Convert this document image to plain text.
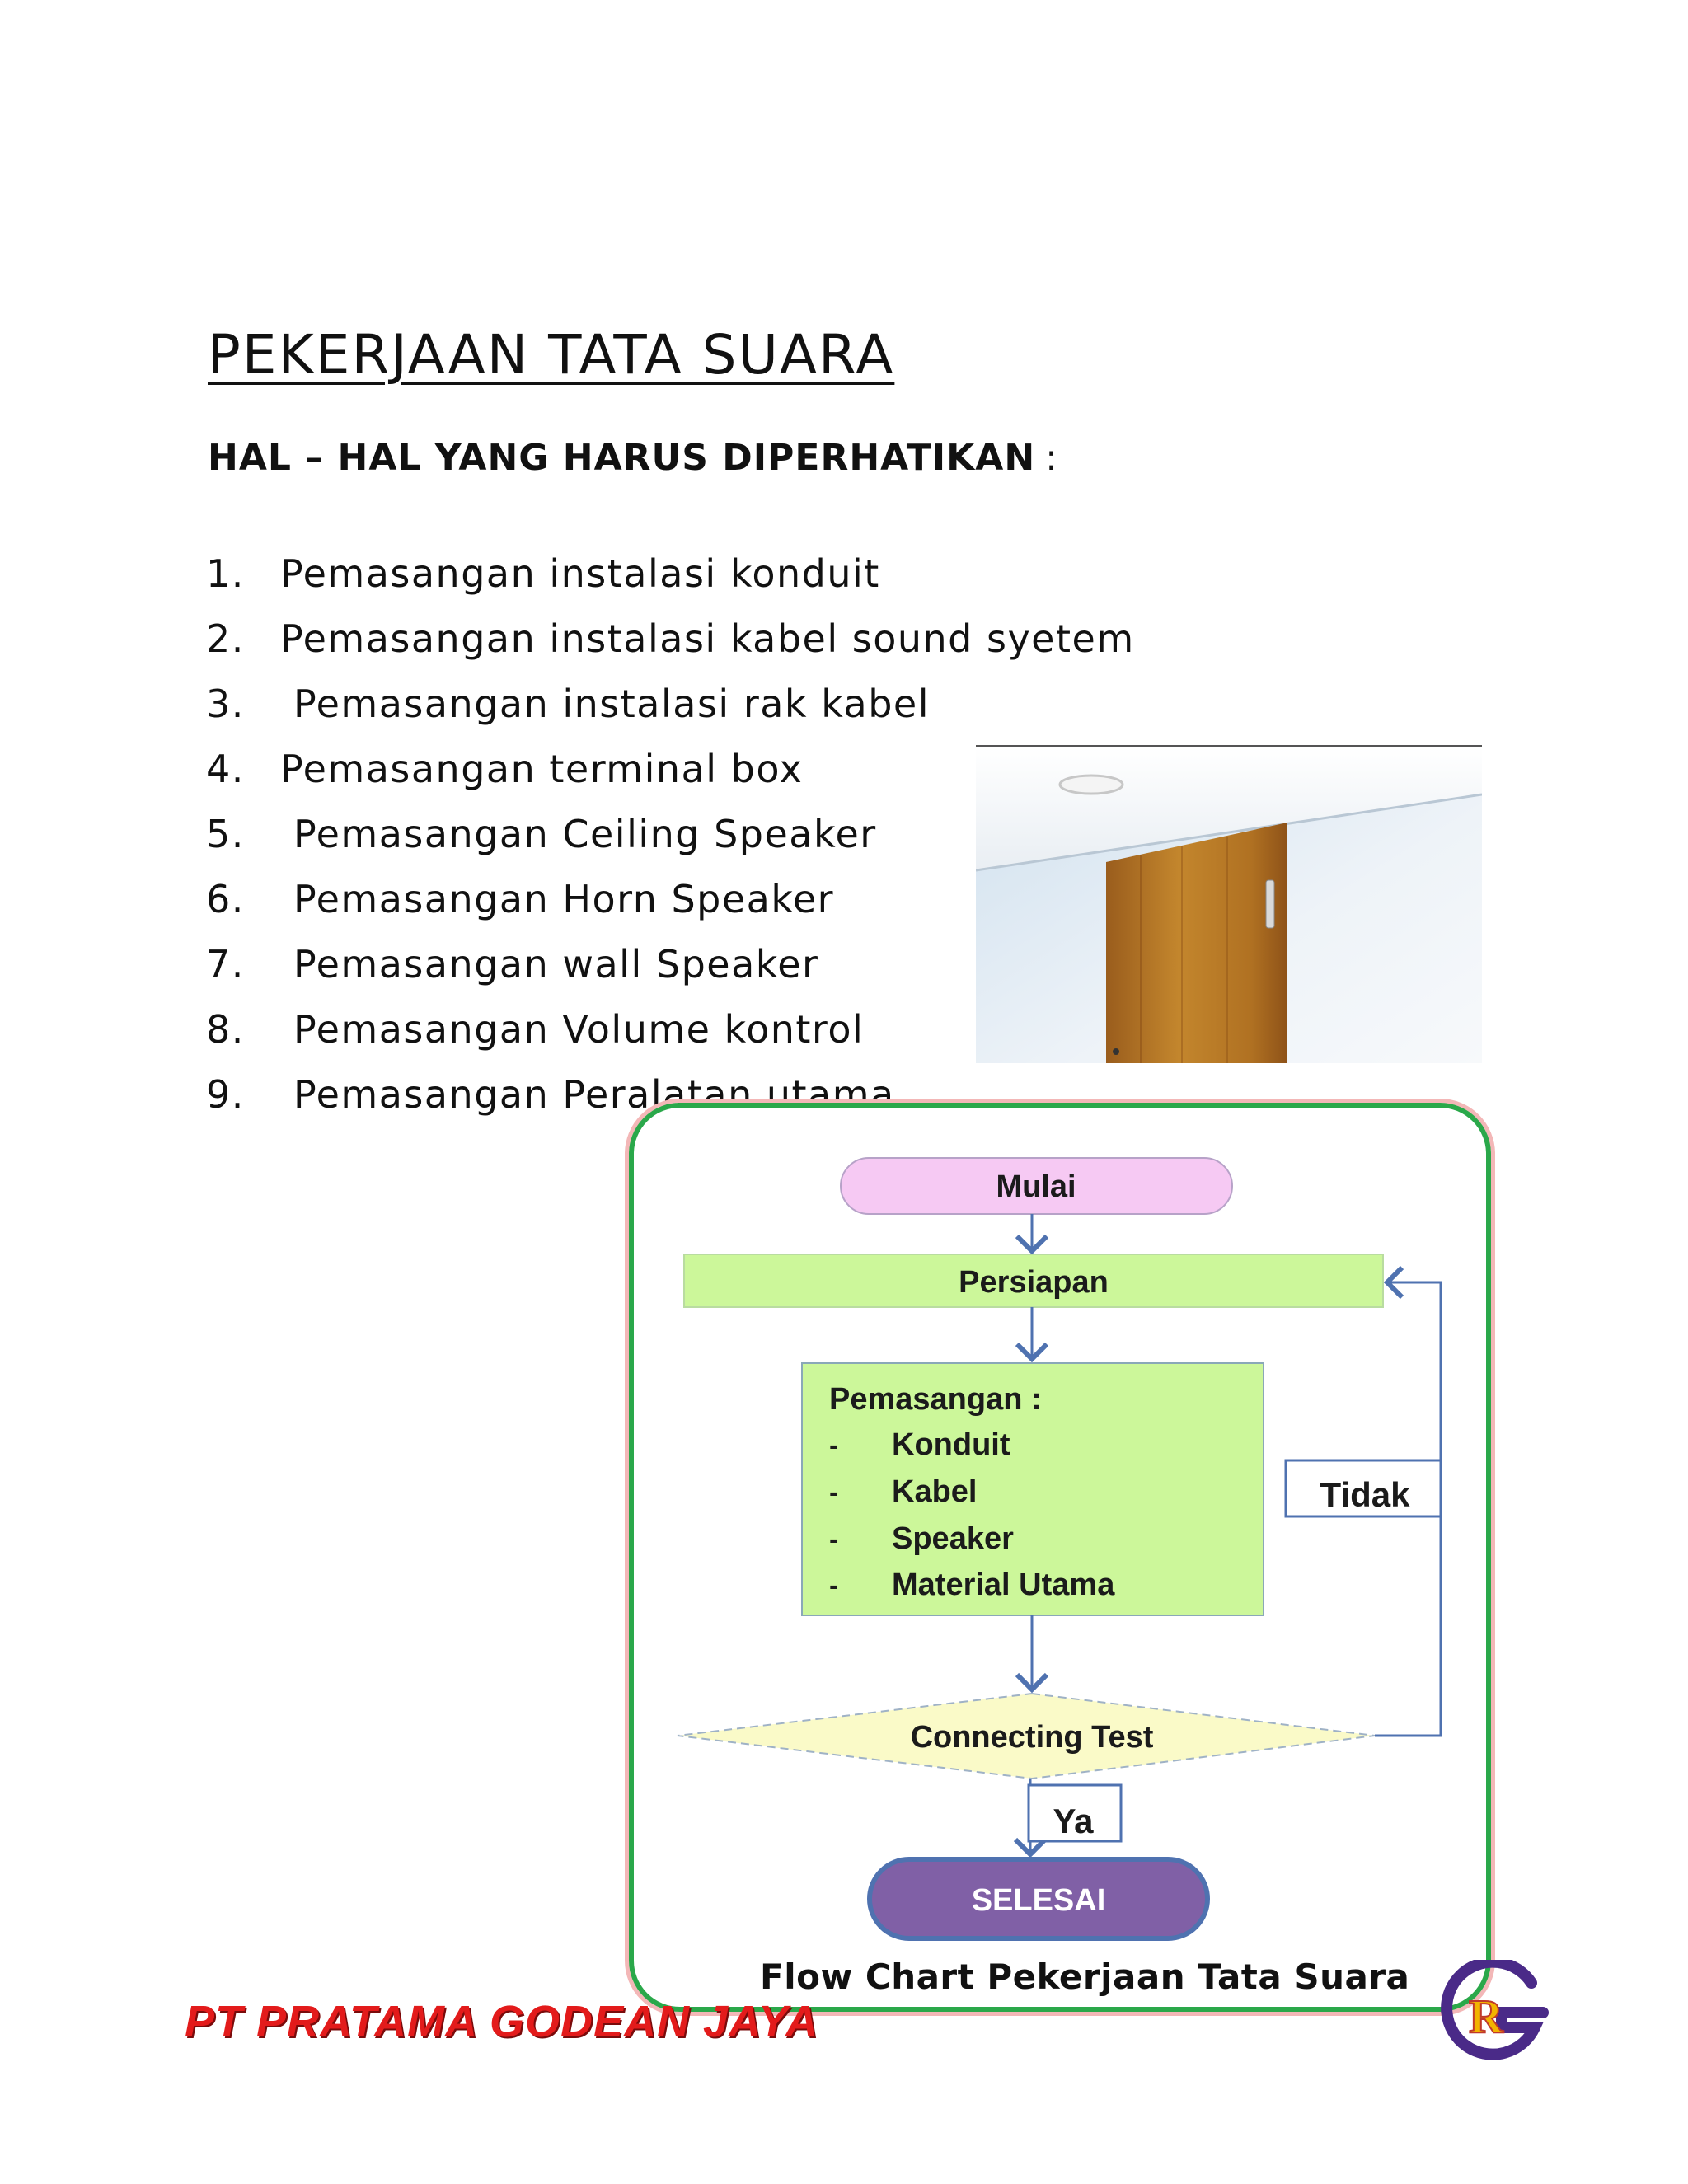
PEKERJAAN TATA SUARA
HAL – HAL YANG HARUS DIPERHATIKAN :
1. Pemasangan instalasi konduit
2. Pemasangan instalasi kabel sound syetem
3.	Pemasangan instalasi rak kabel
4. Pemasangan terminal box
5.	Pemasangan Ceiling Speaker
6.	Pemasangan Horn Speaker
7.	Pemasangan wall Speaker
8.	Pemasangan Volume kontrol
9.	Pemasangan Peralatan utama
Mulai
Persiapan
Pemasangan :
- Konduit
- Kabel
- Speaker
- Material Utama
Connecting Test
Tidak
Ya
SELESAI
Flow Chart Pekerjaan Tata Suara
PT PRATAMA GODEAN JAYA	R
